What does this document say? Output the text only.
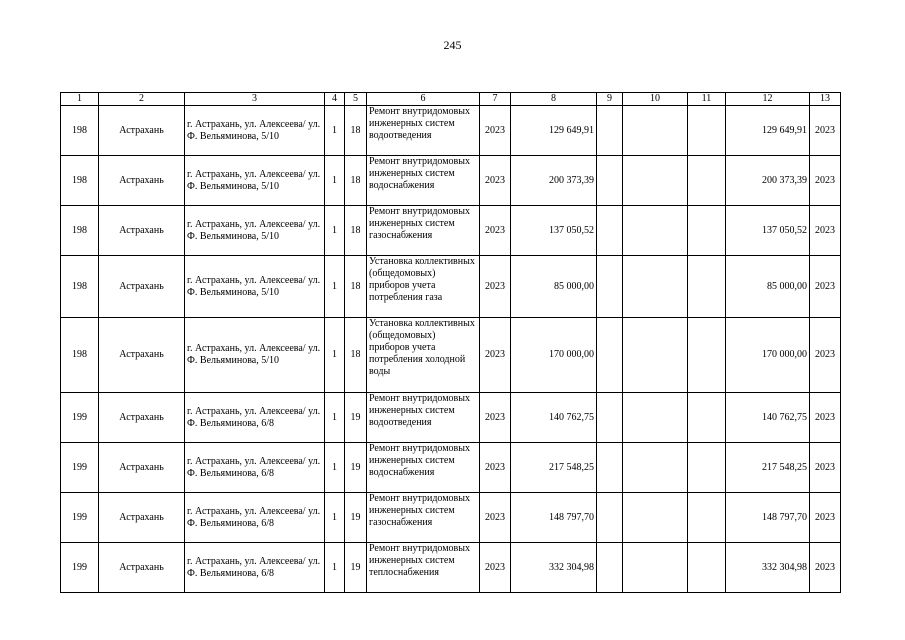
245
1	2	3	4	5	6	7	8	9	10	11	12	13
198	Астрахань	г. Астрахань, ул. Алексеева/ ул. Ф. Вельяминова, 5/10	1	18	Ремонт внутридомовых инженерных систем водоотведения	2023	129 649,91				129 649,91	2023
198	Астрахань	г. Астрахань, ул. Алексеева/ ул. Ф. Вельяминова, 5/10	1	18	Ремонт внутридомовых инженерных систем водоснабжения	2023	200 373,39				200 373,39	2023
198	Астрахань	г. Астрахань, ул. Алексеева/ ул. Ф. Вельяминова, 5/10	1	18	Ремонт внутридомовых инженерных систем газоснабжения	2023	137 050,52				137 050,52	2023
198	Астрахань	г. Астрахань, ул. Алексеева/ ул. Ф. Вельяминова, 5/10	1	18	Установка коллективных (общедомовых) приборов учета потребления газа	2023	85 000,00				85 000,00	2023
198	Астрахань	г. Астрахань, ул. Алексеева/ ул. Ф. Вельяминова, 5/10	1	18	Установка коллективных (общедомовых) приборов учета потребления холодной воды	2023	170 000,00				170 000,00	2023
199	Астрахань	г. Астрахань, ул. Алексеева/ ул. Ф. Вельяминова, 6/8	1	19	Ремонт внутридомовых инженерных систем водоотведения	2023	140 762,75				140 762,75	2023
199	Астрахань	г. Астрахань, ул. Алексеева/ ул. Ф. Вельяминова, 6/8	1	19	Ремонт внутридомовых инженерных систем водоснабжения	2023	217 548,25				217 548,25	2023
199	Астрахань	г. Астрахань, ул. Алексеева/ ул. Ф. Вельяминова, 6/8	1	19	Ремонт внутридомовых инженерных систем газоснабжения	2023	148 797,70				148 797,70	2023
199	Астрахань	г. Астрахань, ул. Алексеева/ ул. Ф. Вельяминова, 6/8	1	19	Ремонт внутридомовых инженерных систем теплоснабжения	2023	332 304,98				332 304,98	2023
